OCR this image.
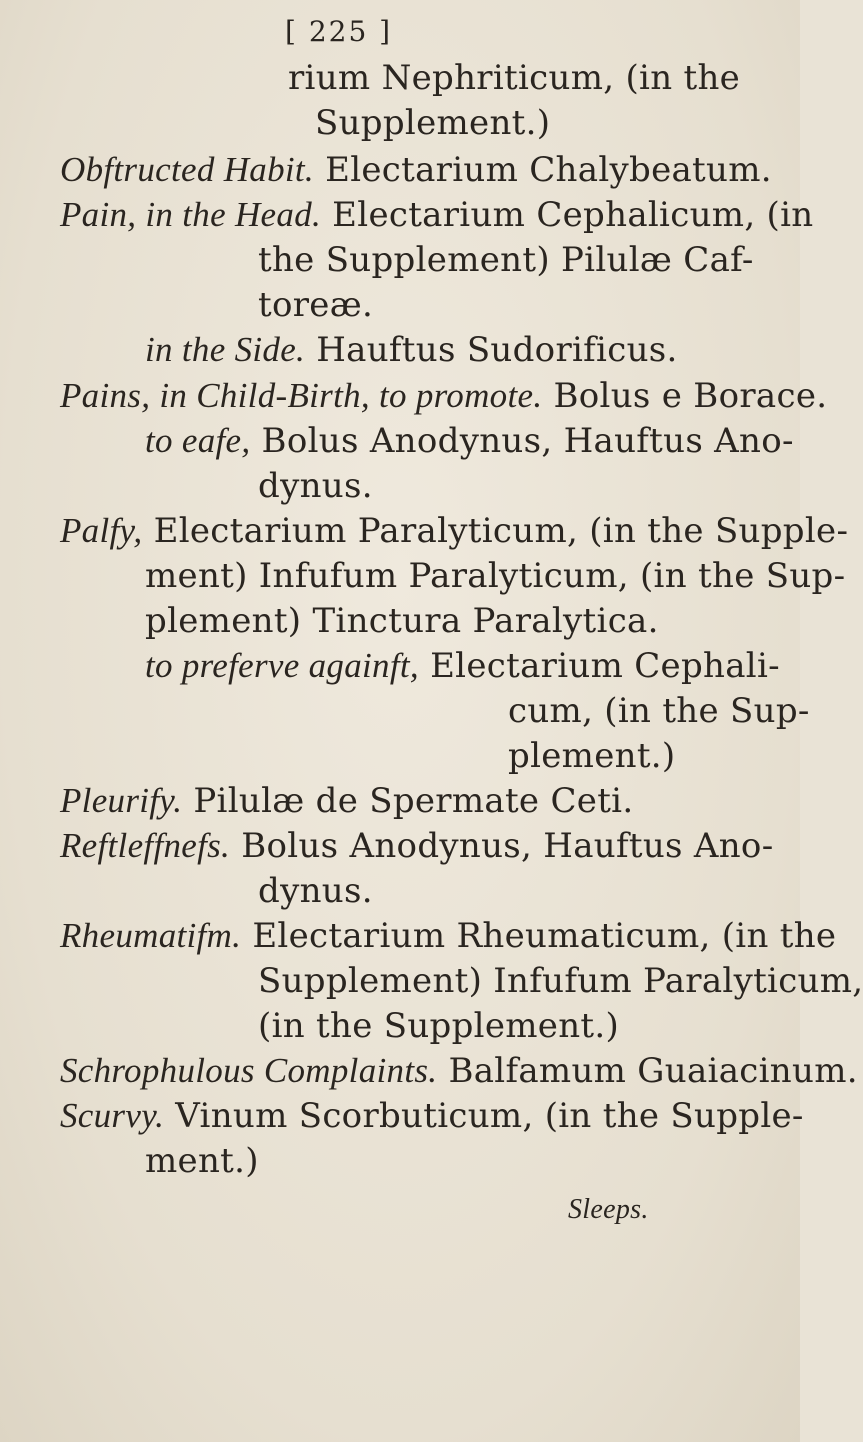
[ 225 ]
rium Nephriticum, (in the
Supplement.)
Obftructed Habit. Electarium Chalybeatum.
Pain, in the Head. Electarium Cephalicum, (in
the Supplement) Pilulæ Caf-
toreæ.
in the Side. Hauftus Sudorificus.
Pains, in Child-Birth, to promote. Bolus e Borace.
to eafe, Bolus Anodynus, Hauftus Ano-
dynus.
Palfy, Electarium Paralyticum, (in the Supple-
ment) Infufum Paralyticum, (in the Sup-
plement) Tinctura Paralytica.
to preferve againft, Electarium Cephali-
cum, (in the Sup-
plement.)
Pleurify. Pilulæ de Spermate Ceti.
Reftleffnefs. Bolus Anodynus, Hauftus Ano-
dynus.
Rheumatifm. Electarium Rheumaticum, (in the
Supplement) Infufum Paralyticum,
(in the Supplement.)
Schrophulous Complaints. Balfamum Guaiacinum.
Scurvy. Vinum Scorbuticum, (in the Supple-
ment.)
Sleeps.
